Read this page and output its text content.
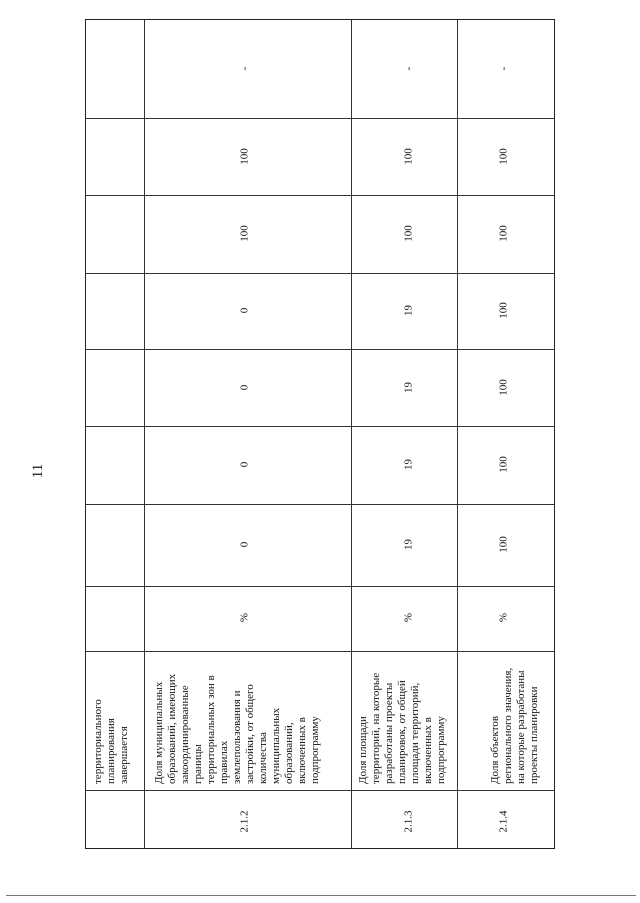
11
территориального планирования завершается
2.1.2
Доля муниципальных образований, имеющих закоординированные границы территориальных зон в правилах землепользования и застройки, от общего количества муниципальных образований, включенных в подпрограмму
%
0
0
0
0
100
100
-
2.1.3
Доля площади территорий, на которые разработаны проекты планировок, от общей площади территорий, включенных в подпрограмму
%
19
19
19
19
100
100
-
2.1.4
Доля объектов регионального значения, на которые разработаны проекты планировки
%
100
100
100
100
100
100
-
